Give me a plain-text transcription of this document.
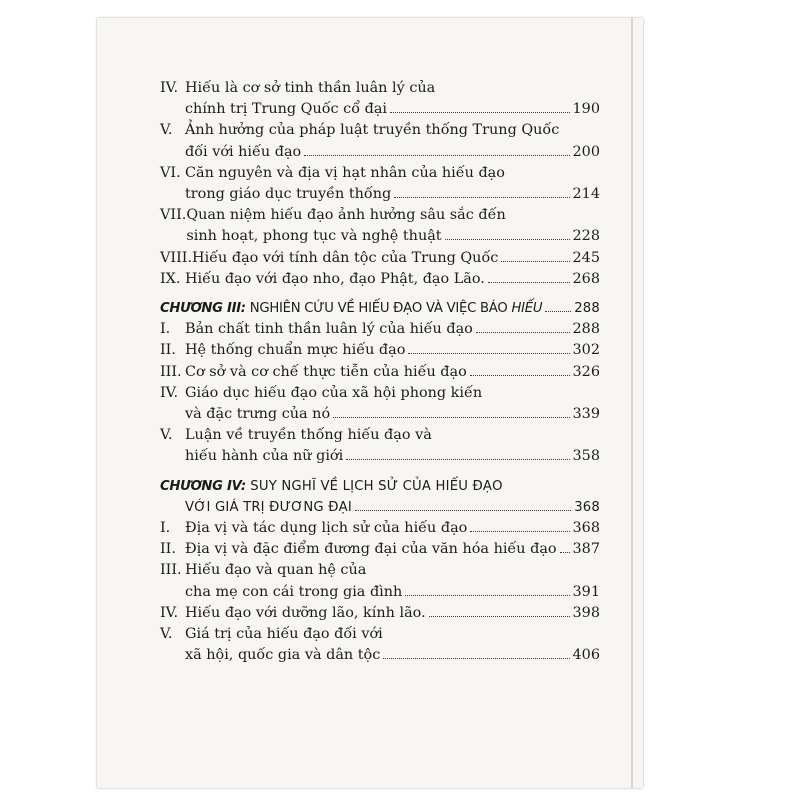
IV. Hiếu là cơ sở tinh thần luân lý của
chính trị Trung Quốc cổ đại	190
V. Ảnh hưởng của pháp luật truyền thống Trung Quốc
đối với hiếu đạo	200
VI. Căn nguyên và địa vị hạt nhân của hiếu đạo
trong giáo dục truyền thống	214
VII. Quan niệm hiếu đạo ảnh hưởng sâu sắc đến
sinh hoạt, phong tục và nghệ thuật	228
VIII. Hiếu đạo với tính dân tộc của Trung Quốc	245
IX. Hiếu đạo với đạo nho, đạo Phật, đạo Lão.	268
CHƯƠNG III: NGHIÊN CỨU VỀ HIẾU ĐẠO VÀ VIỆC BÁO HIẾU 288
I.	Bản chất tinh thần luân lý của hiếu đạo	288
II. Hệ thống chuẩn mực hiếu đạo	302
III. Cơ sở và cơ chế thực tiễn của hiếu đạo	326
IV. Giáo dục hiếu đạo của xã hội phong kiến
và đặc trưng của nó	339
V. Luận về truyền thống hiếu đạo và
hiếu hành của nữ giới	358
CHƯƠNG IV: SUY NGHĨ VỀ LỊCH SỬ CỦA HIẾU ĐẠO
VỚI GIÁ TRỊ ĐƯƠNG ĐẠI	368
I.	Địa vị và tác dụng lịch sử của hiếu đạo	368
II. Địa vị và đặc điểm đương đại của văn hóa hiếu đạo 387
III. Hiếu đạo và quan hệ của
cha mẹ con cái trong gia đình	391
IV. Hiếu đạo với dưỡng lão, kính lão.	398
V. Giá trị của hiếu đạo đối với
xã hội, quốc gia và dân tộc	406
